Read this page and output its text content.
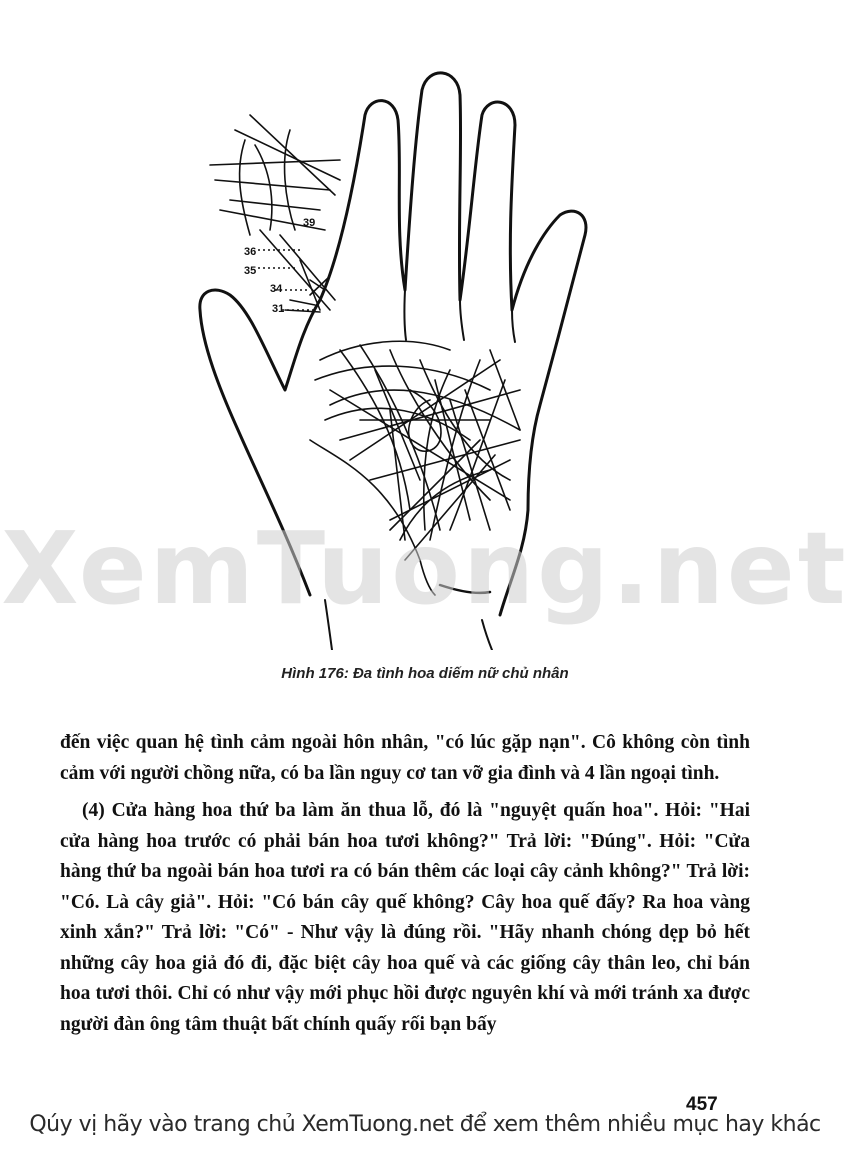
39
36
35
34
31
XemTuong.net
Hình 176: Đa tình hoa diếm nữ chủ nhân

đến việc quan hệ tình cảm ngoài hôn nhân, "có lúc gặp nạn". Cô không còn tình cảm với người chồng nữa, có ba lần nguy cơ tan vỡ gia đình và 4 lần ngoại tình.

(4) Cửa hàng hoa thứ ba làm ăn thua lỗ, đó là "nguyệt quấn hoa". Hỏi: "Hai cửa hàng hoa trước có phải bán hoa tươi không?" Trả lời: "Đúng". Hỏi: "Cửa hàng thứ ba ngoài bán hoa tươi ra có bán thêm các loại cây cảnh không?" Trả lời: "Có. Là cây giả". Hỏi: "Có bán cây quế không? Cây hoa quế đấy? Ra hoa vàng xinh xắn?" Trả lời: "Có" - Như vậy là đúng rồi. "Hãy nhanh chóng dẹp bỏ hết những cây hoa giả đó đi, đặc biệt cây hoa quế và các giống cây thân leo, chỉ bán hoa tươi thôi. Chỉ có như vậy mới phục hồi được nguyên khí và mới tránh xa được người đàn ông tâm thuật bất chính quấy rối bạn bấy

457
Qúy vị hãy vào trang chủ XemTuong.net để xem thêm nhiều mục hay khác
